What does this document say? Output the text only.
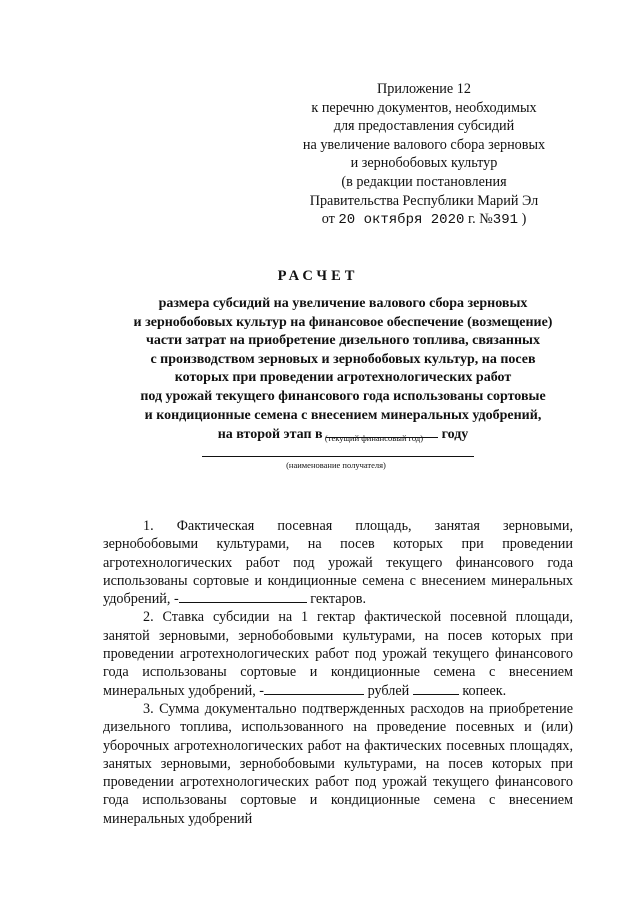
Приложение 12
к перечню документов, необходимых
для предоставления субсидий
на увеличение валового сбора зерновых
и зернобобовых культур
(в редакции постановления
Правительства Республики Марий Эл
от 20 октября 2020 г. №391 )
РАСЧЕТ
размера субсидий на увеличение валового сбора зерновых
и зернобобовых культур на финансовое обеспечение (возмещение)
части затрат на приобретение дизельного топлива, связанных
с производством зерновых и зернобобовых культур, на посев
которых при проведении агротехнологических работ
под урожай текущего финансового года использованы сортовые
и кондиционные семена с внесением минеральных удобрений,
на второй этап в	году
(текущий финансовый год)
(наименование получателя)

1. Фактическая посевная площадь, занятая зерновыми, зернобобовыми культурами, на посев которых при проведении агротехнологических работ под урожай текущего финансового года использованы сортовые и кондиционные семена с внесением минеральных удобрений, -	гектаров.

2. Ставка субсидии на 1 гектар фактической посевной площади, занятой зерновыми, зернобобовыми культурами, на посев которых при проведении агротехнологических работ под урожай текущего финансового года использованы сортовые и кондиционные семена с внесением минеральных удобрений, -	рублей	копеек.

3. Сумма документально подтвержденных расходов на приобретение дизельного топлива, использованного на проведение посевных и (или) уборочных агротехнологических работ на фактических посевных площадях, занятых зерновыми, зернобобовыми культурами, на посев которых при проведении агротехнологических работ под урожай текущего финансового года использованы сортовые и кондиционные семена с внесением минеральных удобрений
